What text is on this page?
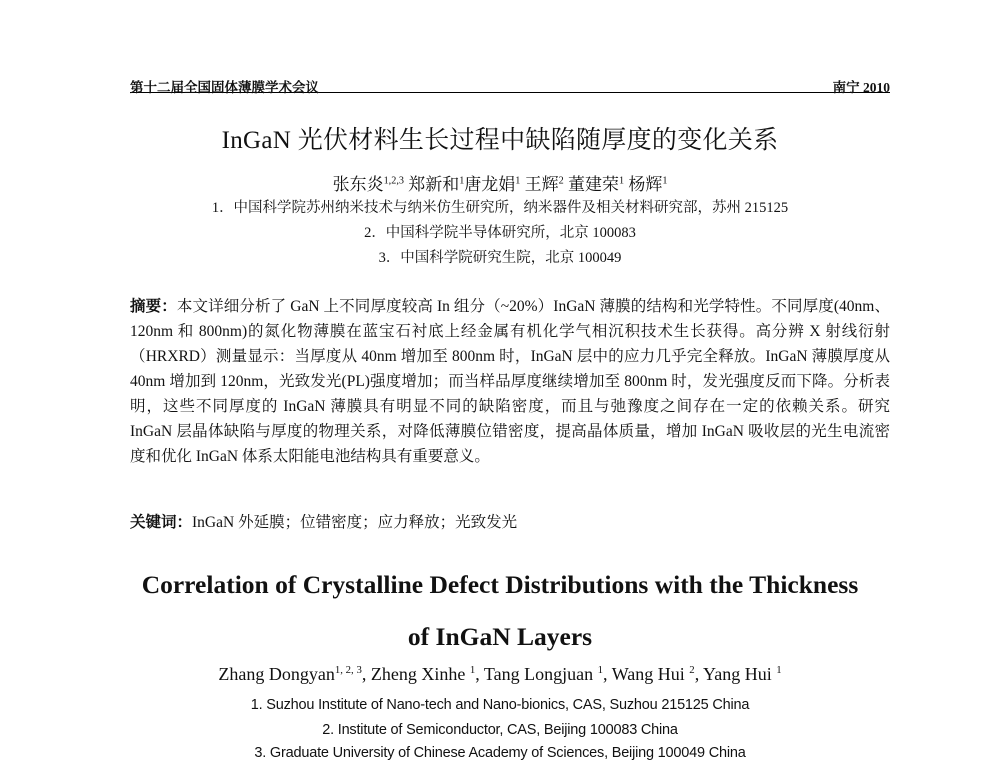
第十二届全国固体薄膜学术会议	南宁 2010
InGaN 光伏材料生长过程中缺陷随厚度的变化关系
张东炎$^{1,2,3}$ 郑新和$^1$唐龙娟$^1$ 王辉$^2$ 董建荣$^1$ 杨辉$^1$
1．中国科学院苏州纳米技术与纳米仿生研究所，纳米器件及相关材料研究部，苏州 215125
2．中国科学院半导体研究所，北京 100083
3．中国科学院研究生院，北京 100049
摘要：本文详细分析了 GaN 上不同厚度较高 In 组分（~20%）InGaN 薄膜的结构和光学特性。不同厚度(40nm、120nm 和 800nm)的氮化物薄膜在蓝宝石衬底上经金属有机化学气相沉积技术生长获得。高分辨 X 射线衍射（HRXRD）测量显示：当厚度从 40nm 增加至 800nm 时，InGaN 层中的应力几乎完全释放。InGaN 薄膜厚度从 40nm 增加到 120nm，光致发光(PL)强度增加；而当样品厚度继续增加至 800nm 时，发光强度反而下降。分析表明，这些不同厚度的 InGaN 薄膜具有明显不同的缺陷密度，而且与弛豫度之间存在一定的依赖关系。研究 InGaN 层晶体缺陷与厚度的物理关系，对降低薄膜位错密度，提高晶体质量，增加 InGaN 吸收层的光生电流密度和优化 InGaN 体系太阳能电池结构具有重要意义。
关键词：InGaN 外延膜；位错密度；应力释放；光致发光
Correlation of Crystalline Defect Distributions with the Thickness
of InGaN Layers
Zhang Dongyan$^{1, 2, 3}$, Zheng Xinhe $^1$, Tang Longjuan $^1$, Wang Hui $^2$, Yang Hui $^1$
1. Suzhou Institute of Nano-tech and Nano-bionics, CAS, Suzhou 215125 China
2. Institute of Semiconductor, CAS, Beijing 100083 China
3. Graduate University of Chinese Academy of Sciences, Beijing 100049 China
